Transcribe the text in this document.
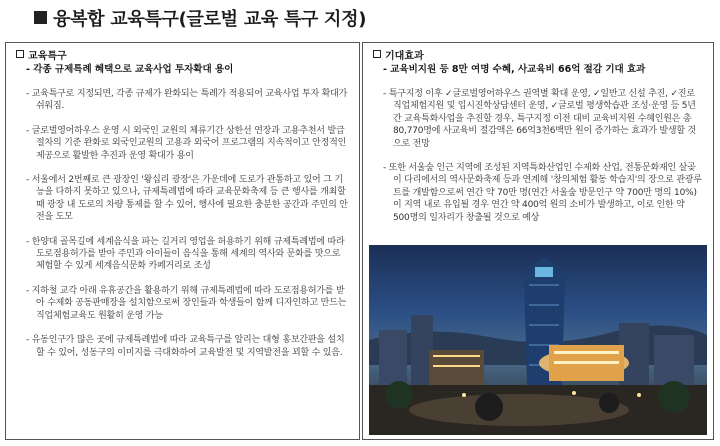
융복합 교육특구(글로벌 교육 특구 지정)
교육특구
- 각종 규제특례 혜택으로 교육사업 투자확대 용이
- 교육특구로 지정되면, 각종 규제가 완화되는 특례가 적용되어 교육사업 투자 확대가 쉬워짐.
- 글로벌영어하우스 운영 시 외국인 교원의 체류기간 상한선 연장과 고용추천서 발급절차의 기준 완화로 외국인교원의 고용과 외국어 프로그램의 지속적이고 안정적인 제공으로 활발한 추진과 운영 확대가 용이
- 서울에서 2번째로 큰 광장인 '왕십리 광장'은 가운데에 도로가 관통하고 있어 그 기능을 다하지 못하고 있으나, 규제특례법에 따라 교육문화축제 등 큰 행사를 개최할 때 광장 내 도로의 차량 통제를 할 수 있어, 행사에 필요한 충분한 공간과 주민의 안전을 도모
- 한양대 골목길에 세계음식을 파는 길거리 영업을 허용하기 위해 규제특례법에 따라 도로점용허가를 받아 주민과 아이들이 음식을 통해 세계의 역사와 문화를 맛으로 체험할 수 있게 세계음식문화 카페거리로 조성
- 지하철 교각 아래 유휴공간을 활용하기 위해 규제특례법에 따라 도로점용허가를 받아 수제화 공동판매장을 설치함으로써 장인들과 학생들이 함께 디자인하고 만드는 직업체험교육도 원활히 운영 가능
- 유동인구가 많은 곳에 규제특례법에 따라 교육특구를 알리는 대형 홍보간판을 설치할 수 있어, 성동구의 이미지를 극대화하여 교육발전 및 지역발전을 꾀할 수 있음.
기대효과
- 교육비지원 등 8만 여명 수혜, 사교육비 66억 절감 기대 효과
- 특구지정 이후 ✓글로벌영어하우스 권역별 확대 운영, ✓일반고 신설 추진, ✓진로직업체험지원 및 입시진학상담센터 운영, ✓글로벌 평생학습관 조성·운영 등 5년간 교육특화사업을 추진할 경우, 특구지정 이전 대비 교육비지원 수혜인원은 총 80,770명에 사교육비 절감액은 66억3천6백만 원이 증가하는 효과가 발생할 것으로 전망
- 또한 서울숲 인근 지역에 조성된 지역특화산업인 수제화 산업, 전통문화재인 살곶이 다리에서의 역사문화축제 등과 연계해 '창의체험 활동 학습지'의 장으로 관광루트를 개발함으로써 연간 약 70만 명(연간 서울숲 방문인구 약 700만 명의 10%)이 지역 내로 유입될 경우 연간 약 400억 원의 소비가 발생하고, 이로 인한 약 500명의 일자리가 창출될 것으로 예상
